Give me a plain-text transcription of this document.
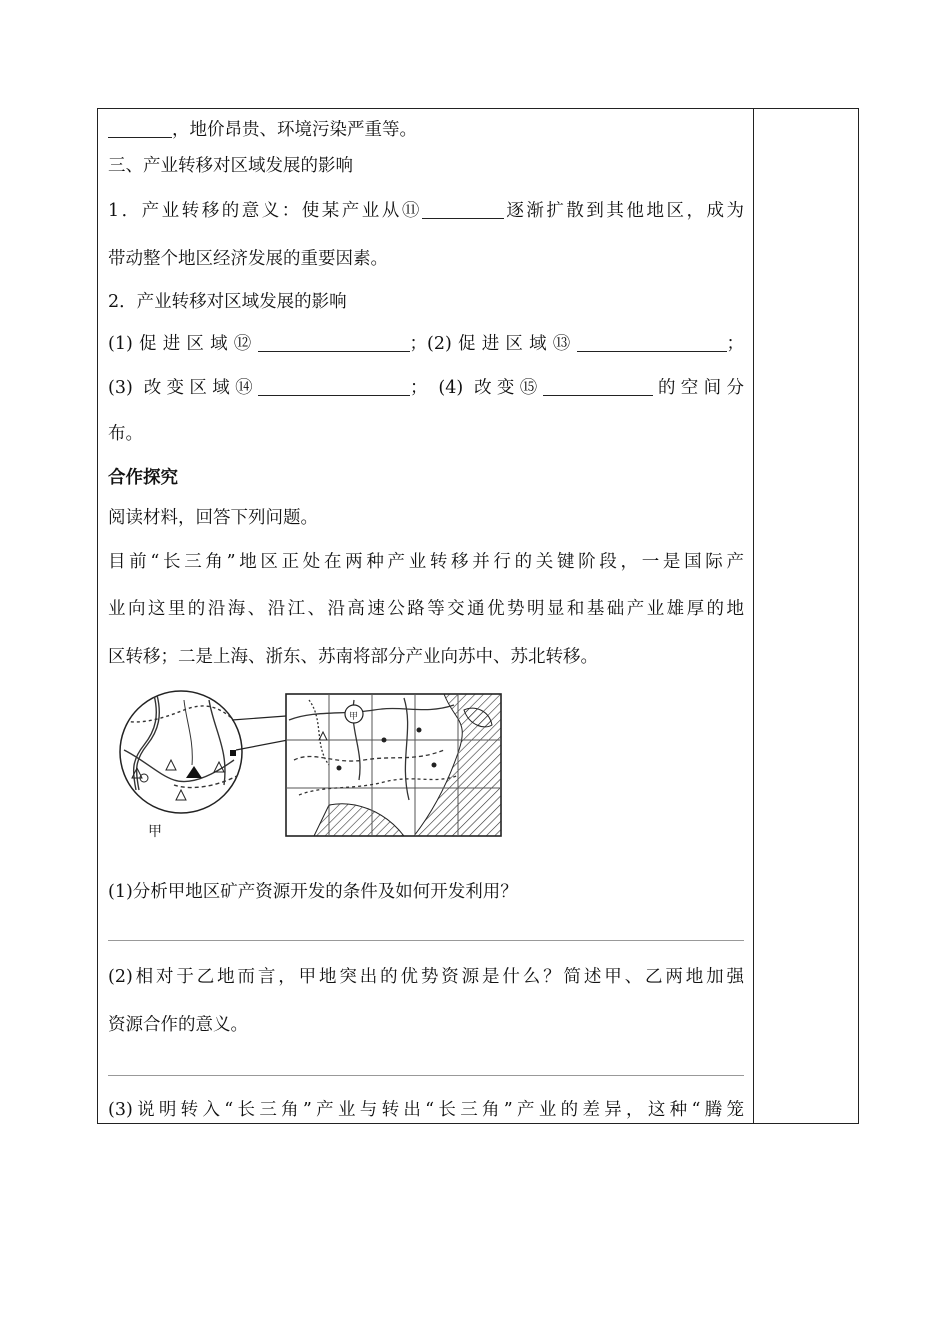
，地价昂贵、环境污染严重等。
三、产业转移对区域发展的影响
1．产业转移的意义：使某产业从⑪	逐渐扩散到其他地区，成为
带动整个地区经济发展的重要因素。
2．产业转移对区域发展的影响
(1)促进区域⑫	；(2)促进区域⑬	；
(3) 改变区域⑭	； (4) 改变⑮	的空间分
布。
合作探究
阅读材料，回答下列问题。
目前“长三角”地区正处在两种产业转移并行的关键阶段，一是国际产
业向这里的沿海、沿江、沿高速公路等交通优势明显和基础产业雄厚的地
区转移；二是上海、浙东、苏南将部分产业向苏中、苏北转移。
甲
甲
(1)分析甲地区矿产资源开发的条件及如何开发利用？
(2)相对于乙地而言，甲地突出的优势资源是什么？简述甲、乙两地加强
资源合作的意义。
(3)说明转入“长三角”产业与转出“长三角”产业的差异，这种“腾笼
